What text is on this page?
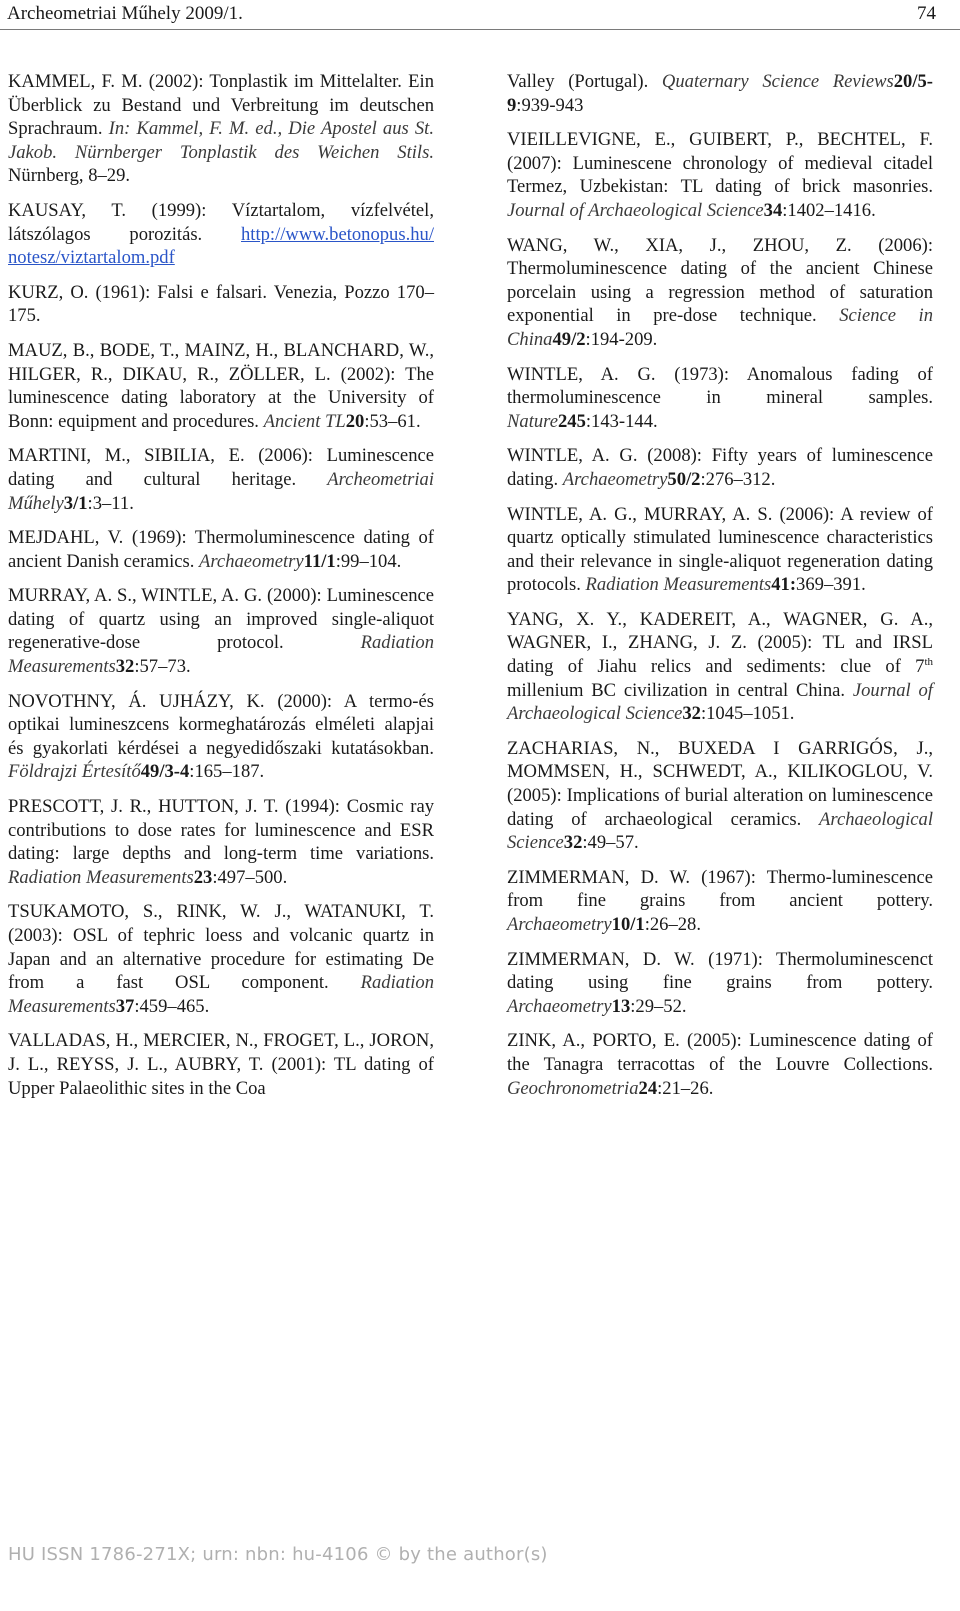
Archeometriai Műhely 2009/1.	74

KAMMEL, F. M. (2002): Tonplastik im Mittelalter. Ein Überblick zu Bestand und Verbreitung im deutschen Sprachraum. In: Kammel, F. M. ed., Die Apostel aus St. Jakob. Nürnberger Tonplastik des Weichen Stils. Nürnberg, 8–29.

KAUSAY, T. (1999): Víztartalom, vízfelvétel, látszólagos porozitás. http://www.betonopus.hu/ notesz/viztartalom.pdf

KURZ, O. (1961): Falsi e falsari. Venezia, Pozzo 170–175.

MAUZ, B., BODE, T., MAINZ, H., BLANCHARD, W., HILGER, R., DIKAU, R., ZÖLLER, L. (2002): The luminescence dating laboratory at the University of Bonn: equipment and procedures. Ancient TL20:53–61.

MARTINI, M., SIBILIA, E. (2006): Luminescence dating and cultural heritage. Archeometriai Műhely3/1:3–11.

MEJDAHL, V. (1969): Thermoluminescence dating of ancient Danish ceramics. Archaeometry11/1:99–104.

MURRAY, A. S., WINTLE, A. G. (2000): Luminescence dating of quartz using an improved single-aliquot regenerative-dose protocol. Radiation Measurements32:57–73.

NOVOTHNY, Á. UJHÁZY, K. (2000): A termo-és optikai lumineszcens kormeghatározás elméleti alapjai és gyakorlati kérdései a negyedidőszaki kutatásokban. Földrajzi Értesítő49/3-4:165–187.

PRESCOTT, J. R., HUTTON, J. T. (1994): Cosmic ray contributions to dose rates for luminescence and ESR dating: large depths and long-term time variations. Radiation Measurements23:497–500.

TSUKAMOTO, S., RINK, W. J., WATANUKI, T. (2003): OSL of tephric loess and volcanic quartz in Japan and an alternative procedure for estimating De from a fast OSL component. Radiation Measurements37:459–465.

VALLADAS, H., MERCIER, N., FROGET, L., JORON, J. L., REYSS, J. L., AUBRY, T. (2001): TL dating of Upper Palaeolithic sites in the Coa

Valley (Portugal). Quaternary Science Reviews20/5-9:939-943

VIEILLEVIGNE, E., GUIBERT, P., BECHTEL, F. (2007): Luminescene chronology of medieval citadel Termez, Uzbekistan: TL dating of brick masonries. Journal of Archaeological Science34:1402–1416.

WANG, W., XIA, J., ZHOU, Z. (2006): Thermoluminescence dating of the ancient Chinese porcelain using a regression method of saturation exponential in pre-dose technique. Science in China49/2:194-209.

WINTLE, A. G. (1973): Anomalous fading of thermoluminescence in mineral samples. Nature245:143-144.

WINTLE, A. G. (2008): Fifty years of luminescence dating. Archaeometry50/2:276–312.

WINTLE, A. G., MURRAY, A. S. (2006): A review of quartz optically stimulated luminescence characteristics and their relevance in single-aliquot regeneration dating protocols. Radiation Measurements41:369–391.

YANG, X. Y., KADEREIT, A., WAGNER, G. A., WAGNER, I., ZHANG, J. Z. (2005): TL and IRSL dating of Jiahu relics and sediments: clue of 7th millenium BC civilization in central China. Journal of Archaeological Science32:1045–1051.

ZACHARIAS, N., BUXEDA I GARRIGÓS, J., MOMMSEN, H., SCHWEDT, A., KILIKOGLOU, V. (2005): Implications of burial alteration on luminescence dating of archaeological ceramics. Archaeological Science32:49–57.

ZIMMERMAN, D. W. (1967): Thermo-luminescence from fine grains from ancient pottery. Archaeometry10/1:26–28.

ZIMMERMAN, D. W. (1971): Thermoluminescenct dating using fine grains from pottery. Archaeometry13:29–52.

ZINK, A., PORTO, E. (2005): Luminescence dating of the Tanagra terracottas of the Louvre Collections. Geochronometria24:21–26.

HU ISSN 1786-271X; urn: nbn: hu-4106 © by the author(s)
